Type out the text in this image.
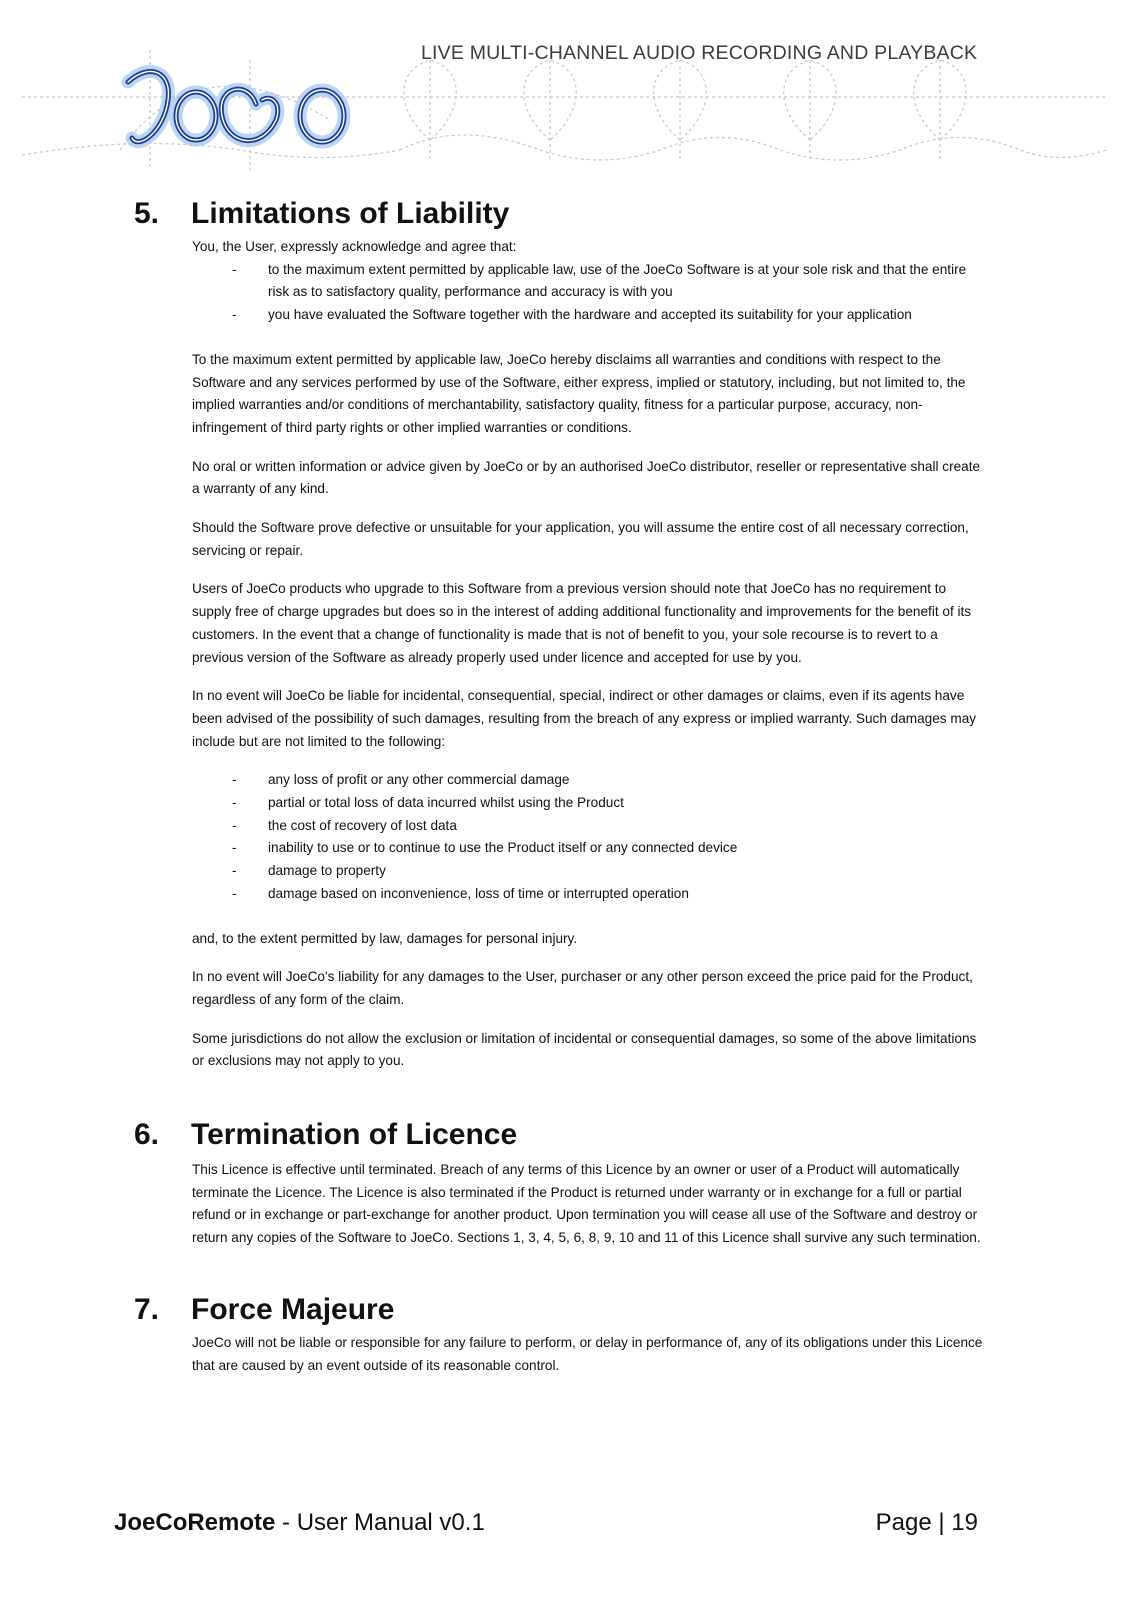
LIVE MULTI-CHANNEL AUDIO RECORDING AND PLAYBACK
5. Limitations of Liability

You, the User, expressly acknowledge and agree that:

- to the maximum extent permitted by applicable law, use of the JoeCo Software is at your sole risk and that the entire risk as to satisfactory quality, performance and accuracy is with you
- you have evaluated the Software together with the hardware and accepted its suitability for your application

To the maximum extent permitted by applicable law, JoeCo hereby disclaims all warranties and conditions with respect to the Software and any services performed by use of the Software, either express, implied or statutory, including, but not limited to, the implied warranties and/or conditions of merchantability, satisfactory quality, fitness for a particular purpose, accuracy, non-infringement of third party rights or other implied warranties or conditions.

No oral or written information or advice given by JoeCo or by an authorised JoeCo distributor, reseller or representative shall create a warranty of any kind.

Should the Software prove defective or unsuitable for your application, you will assume the entire cost of all necessary correction, servicing or repair.

Users of JoeCo products who upgrade to this Software from a previous version should note that JoeCo has no requirement to supply free of charge upgrades but does so in the interest of adding additional functionality and improvements for the benefit of its customers. In the event that a change of functionality is made that is not of benefit to you, your sole recourse is to revert to a previous version of the Software as already properly used under licence and accepted for use by you.

In no event will JoeCo be liable for incidental, consequential, special, indirect or other damages or claims, even if its agents have been advised of the possibility of such damages, resulting from the breach of any express or implied warranty. Such damages may include but are not limited to the following:

- any loss of profit or any other commercial damage
- partial or total loss of data incurred whilst using the Product
- the cost of recovery of lost data
- inability to use or to continue to use the Product itself or any connected device
- damage to property
- damage based on inconvenience, loss of time or interrupted operation

and, to the extent permitted by law, damages for personal injury.

In no event will JoeCo's liability for any damages to the User, purchaser or any other person exceed the price paid for the Product, regardless of any form of the claim.

Some jurisdictions do not allow the exclusion or limitation of incidental or consequential damages, so some of the above limitations or exclusions may not apply to you.

6. Termination of Licence

This Licence is effective until terminated. Breach of any terms of this Licence by an owner or user of a Product will automatically terminate the Licence. The Licence is also terminated if the Product is returned under warranty or in exchange for a full or partial refund or in exchange or part-exchange for another product. Upon termination you will cease all use of the Software and destroy or return any copies of the Software to JoeCo. Sections 1, 3, 4, 5, 6, 8, 9, 10 and 11 of this Licence shall survive any such termination.

7. Force Majeure

JoeCo will not be liable or responsible for any failure to perform, or delay in performance of, any of its obligations under this Licence that are caused by an event outside of its reasonable control.

JoeCoRemote - User Manual v0.1	Page | 19
